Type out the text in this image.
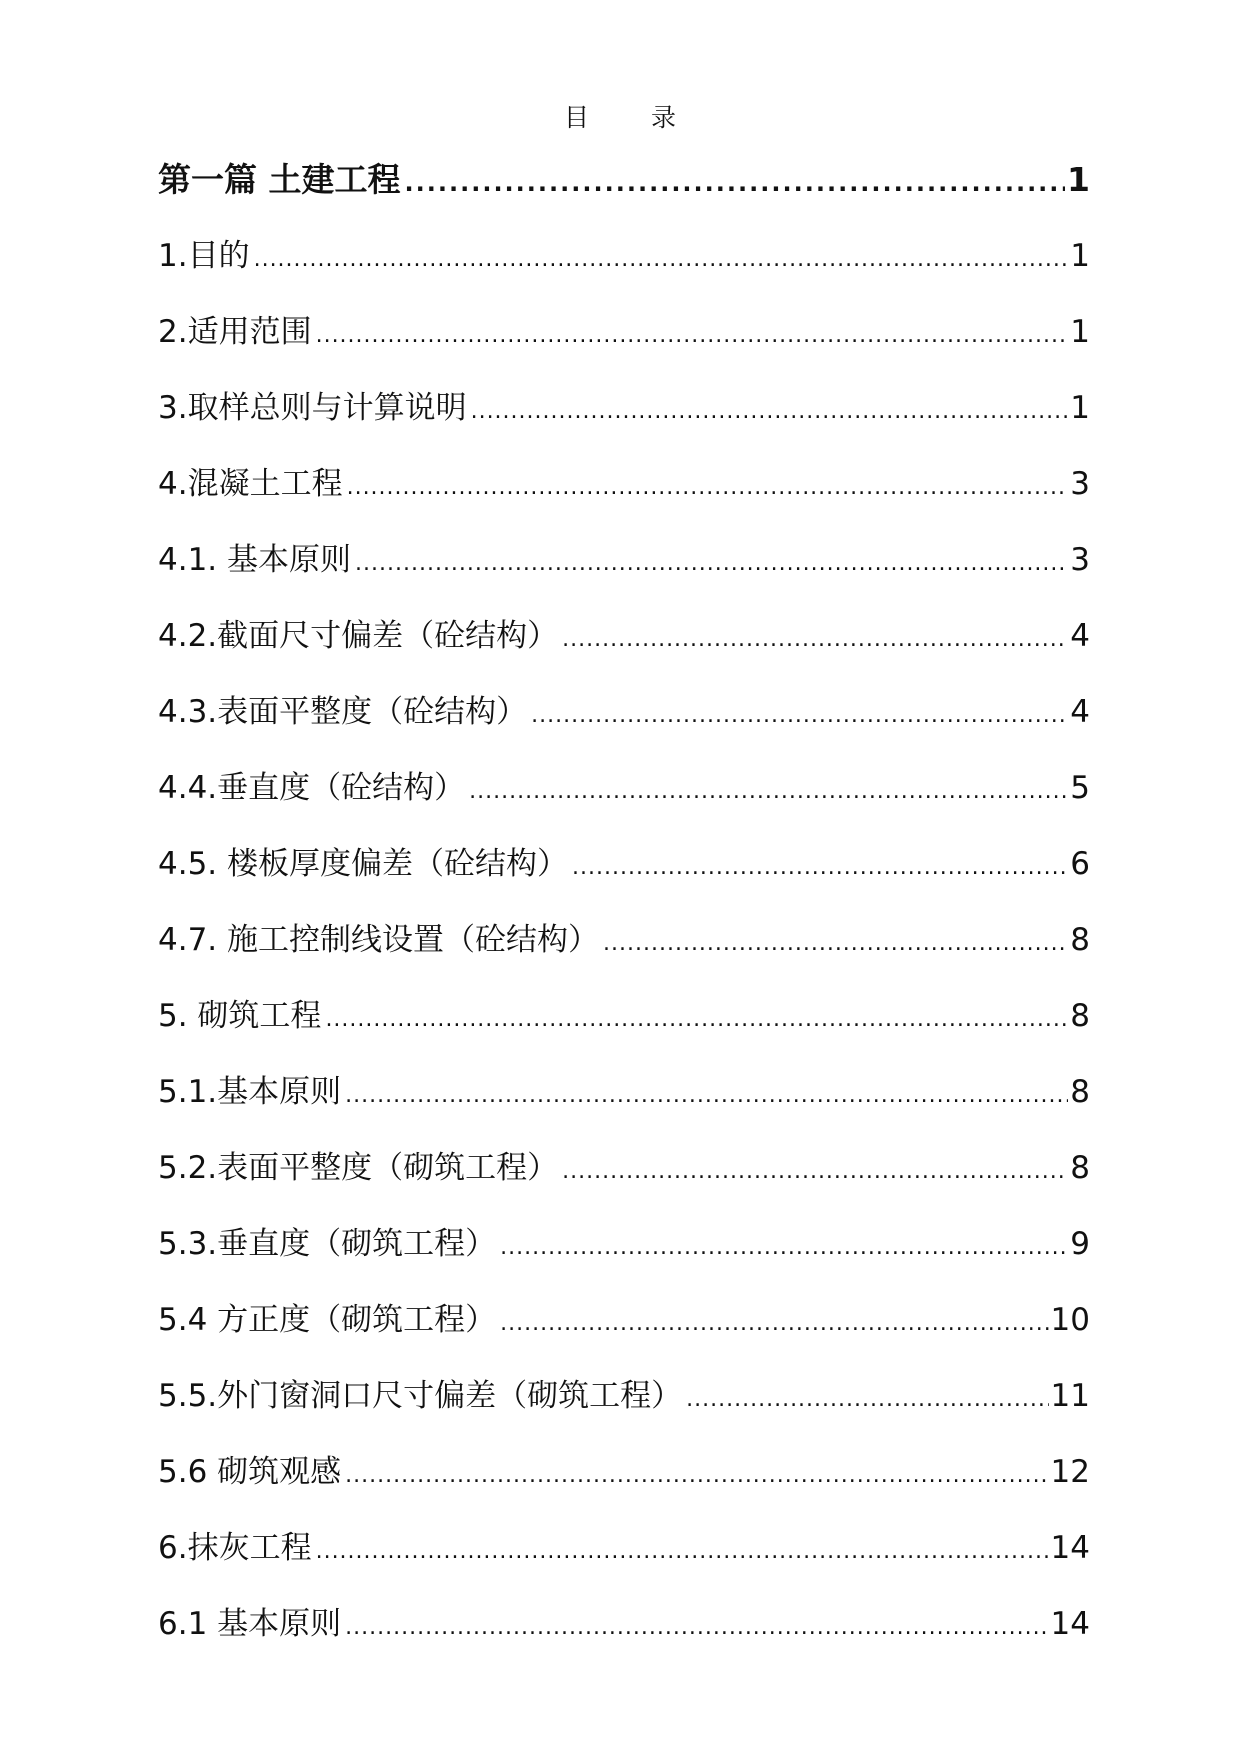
目 录
第一篇 土建工程 .....	1
1.目的 .....	1
2.适用范围 .....	1
3.取样总则与计算说明 .....	1
4.混凝土工程 .....	3
4.1. 基本原则 .....	3
4.2.截面尺寸偏差（砼结构） .....	4
4.3.表面平整度（砼结构） .....	4
4.4.垂直度（砼结构） .....	5
4.5. 楼板厚度偏差（砼结构） .....	6
4.7. 施工控制线设置（砼结构） .....	8
5. 砌筑工程 .....	8
5.1.基本原则 .....	8
5.2.表面平整度（砌筑工程） .....	8
5.3.垂直度（砌筑工程） .....	9
5.4 方正度（砌筑工程） .....	10
5.5.外门窗洞口尺寸偏差（砌筑工程） .....	11
5.6 砌筑观感 .....	12
6.抹灰工程 .....	14
6.1 基本原则 .....	14
